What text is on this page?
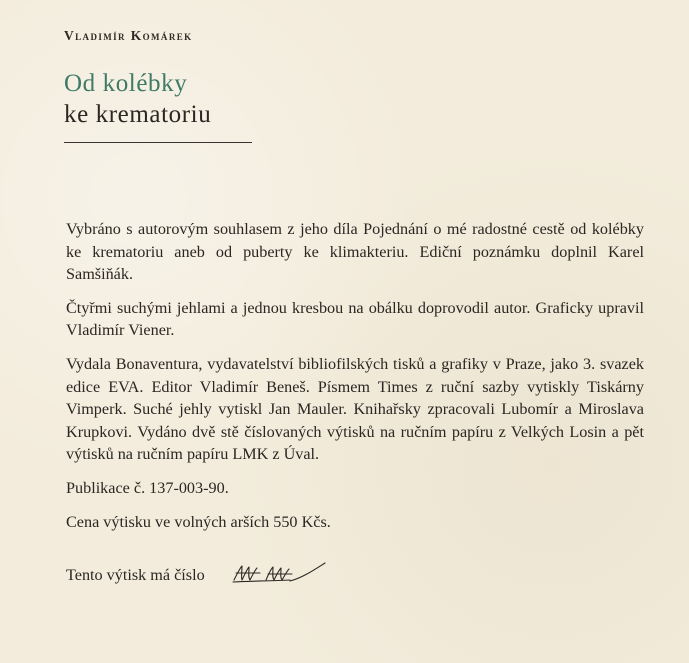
Vladimír Komárek
Od kolébky
ke krematoriu

Vybráno s autorovým souhlasem z jeho díla Pojednání o mé radostné cestě od kolébky ke krematoriu aneb od puberty ke klimakteriu. Ediční poznámku doplnil Karel Samšiňák.

Čtyřmi suchými jehlami a jednou kresbou na obálku doprovodil autor. Graficky upravil Vladimír Viener.

Vydala Bonaventura, vydavatelství bibliofilských tisků a grafiky v Praze, jako 3. svazek edice EVA. Editor Vladimír Beneš. Písmem Times z ruční sazby vytiskly Tiskárny Vimperk. Suché jehly vytiskl Jan Mauler. Knihařsky zpracovali Lubomír a Miroslava Krupkovi. Vydáno dvě stě číslovaných výtisků na ručním papíru z Velkých Losin a pět výtisků na ručním papíru LMK z Úval.

Publikace č. 137-003-90.

Cena výtisku ve volných arších 550 Kčs.

Tento výtisk má číslo
